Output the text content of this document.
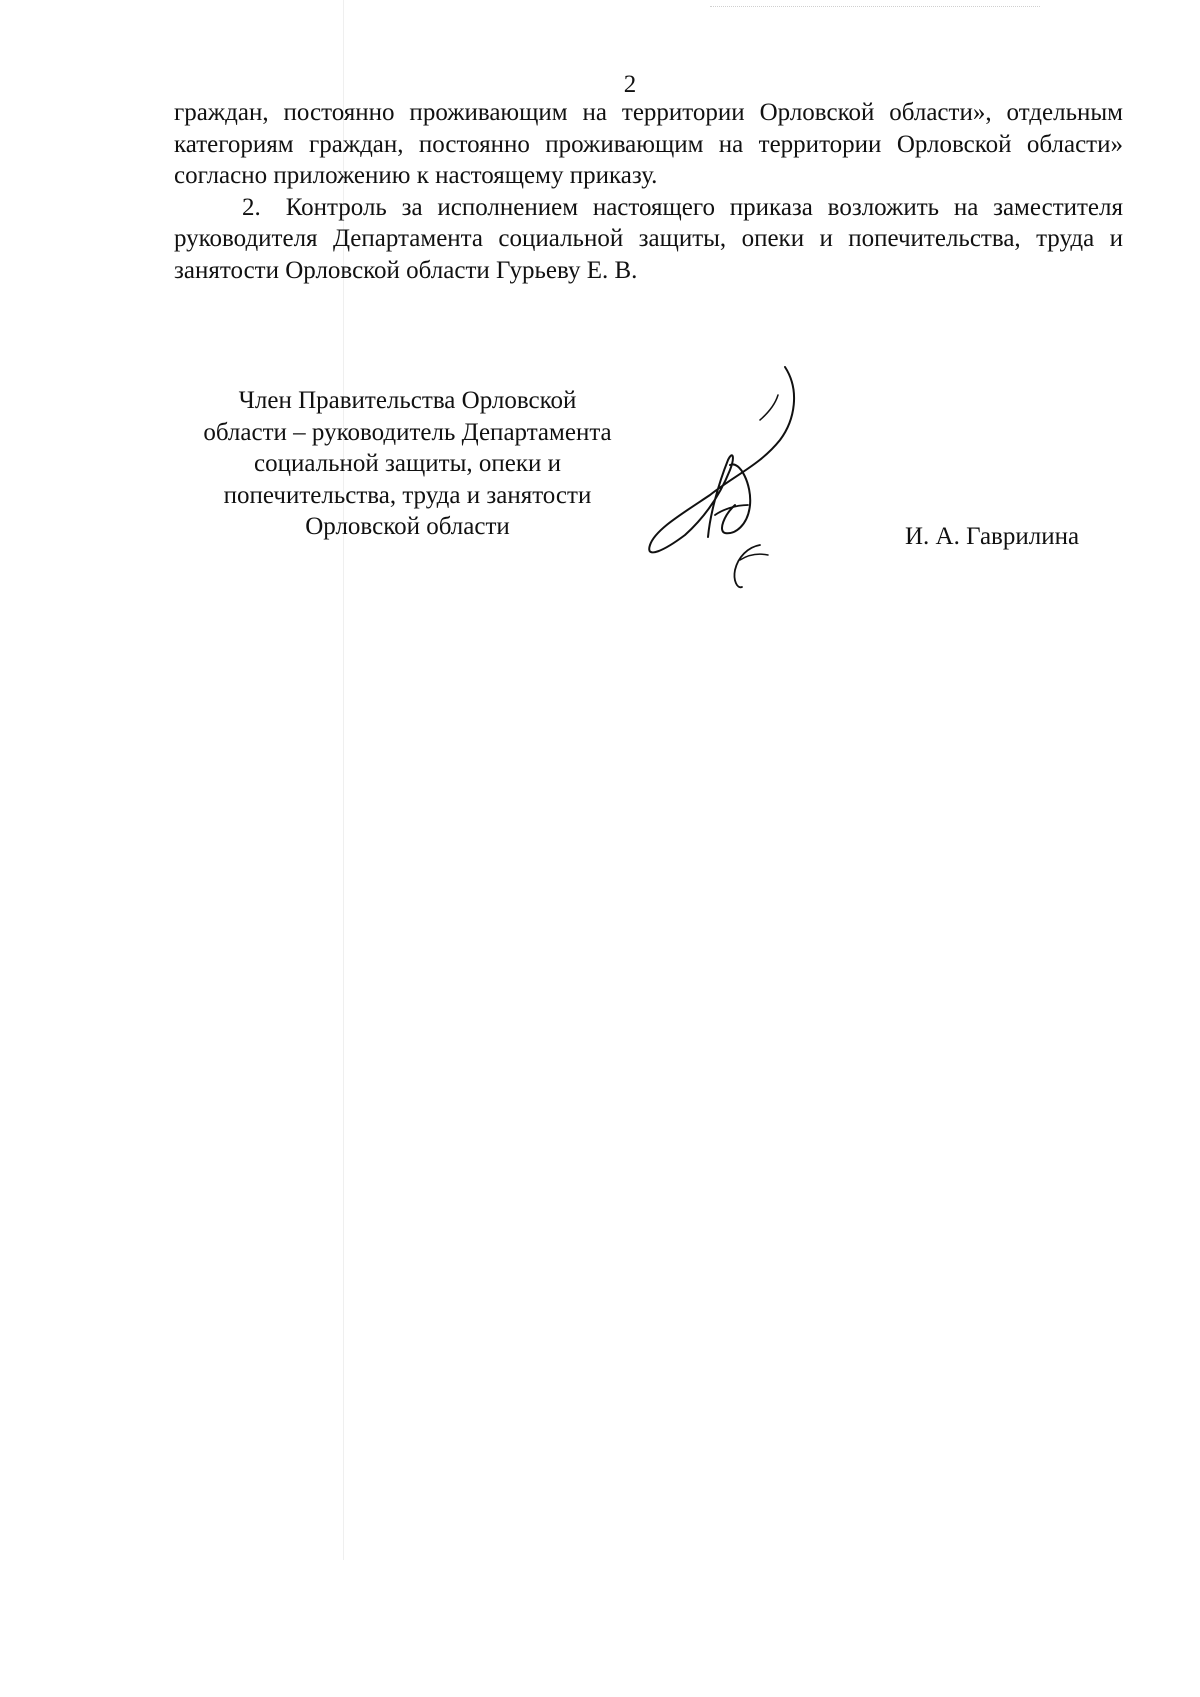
2

граждан, постоянно проживающим на территории Орловской области», отдельным категориям граждан, постоянно проживающим на территории Орловской области» согласно приложению к настоящему приказу.

2. Контроль за исполнением настоящего приказа возложить на заместителя руководителя Департамента социальной защиты, опеки и попечительства, труда и занятости Орловской области Гурьеву Е. В.

Член Правительства Орловской
области – руководитель Департамента
социальной защиты, опеки и
попечительства, труда и занятости
Орловской области	И. А. Гаврилина
